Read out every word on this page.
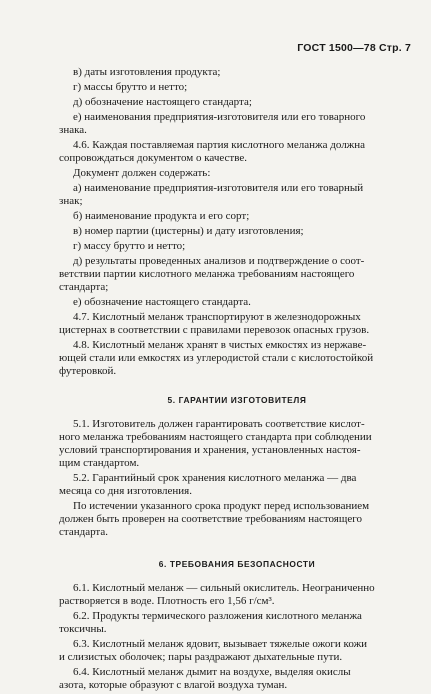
ГОСТ 1500—78 Стр. 7
в) даты изготовления продукта;
г) массы брутто и нетто;
д) обозначение настоящего стандарта;
е) наименования предприятия-изготовителя или его товарного
знака.
4.6. Каждая поставляемая партия кислотного меланжа должна
сопровождаться документом о качестве.
Документ должен содержать:
а) наименование предприятия-изготовителя или его товарный
знак;
б) наименование продукта и его сорт;
в) номер партии (цистерны) и дату изготовления;
г) массу брутто и нетто;
д) результаты проведенных анализов и подтверждение о соот-
ветствии партии кислотного меланжа требованиям настоящего
стандарта;
е) обозначение настоящего стандарта.
4.7. Кислотный меланж транспортируют в железнодорожных
цистернах в соответствии с правилами перевозок опасных грузов.
4.8. Кислотный меланж хранят в чистых емкостях из нержаве-
ющей стали или емкостях из углеродистой стали с кислотостойкой
футеровкой.
5. ГАРАНТИИ ИЗГОТОВИТЕЛЯ
5.1. Изготовитель должен гарантировать соответствие кислот-
ного меланжа требованиям настоящего стандарта при соблюдении
условий транспортирования и хранения, установленных настоя-
щим стандартом.
5.2. Гарантийный срок хранения кислотного меланжа — два
месяца со дня изготовления.
По истечении указанного срока продукт перед использованием
должен быть проверен на соответствие требованиям настоящего
стандарта.
6. ТРЕБОВАНИЯ БЕЗОПАСНОСТИ
6.1. Кислотный меланж — сильный окислитель. Неограниченно
растворяется в воде. Плотность его 1,56 г/см³.
6.2. Продукты термического разложения кислотного меланжа
токсичны.
6.3. Кислотный меланж ядовит, вызывает тяжелые ожоги кожи
и слизистых оболочек; пары раздражают дыхательные пути.
6.4. Кислотный меланж дымит на воздухе, выделяя окислы
азота, которые образуют с влагой воздуха туман.
